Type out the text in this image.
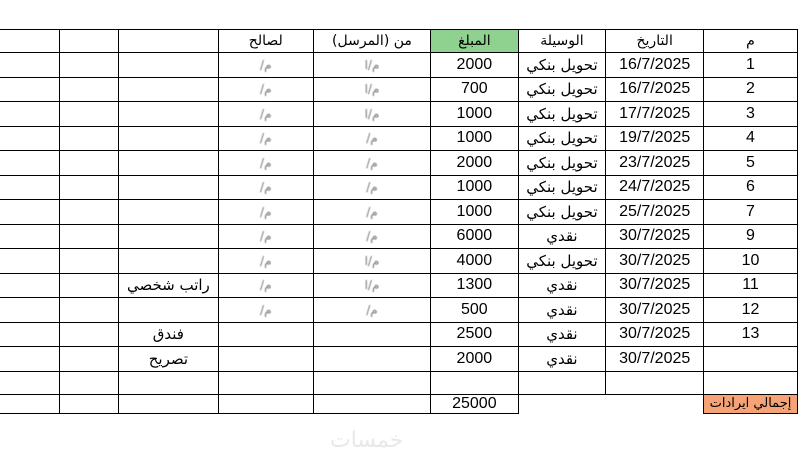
			لصالح	من (المرسل)	المبلغ	الوسيلة	التاريخ	م
			م/	م/ا	2000	تحويل بنكي	16/7/2025	1
			م/	م/ا	700	تحويل بنكي	16/7/2025	2
			م/	م/ا	1000	تحويل بنكي	17/7/2025	3
			م/	م/	1000	تحويل بنكي	19/7/2025	4
			م/	م/	2000	تحويل بنكي	23/7/2025	5
			م/	م/	1000	تحويل بنكي	24/7/2025	6
			م/	م/	1000	تحويل بنكي	25/7/2025	7
			م/	م/	6000	نقدي	30/7/2025	9
			م/	م/ا	4000	تحويل بنكي	30/7/2025	10
		راتب شخصي	م/	م/ا	1300	نقدي	30/7/2025	11
			م/	م/	500	نقدي	30/7/2025	12
		فندق			2500	نقدي	30/7/2025	13
		تصريح			2000	نقدي	30/7/2025	

					25000			إجمالي ايرادات
خمسات
